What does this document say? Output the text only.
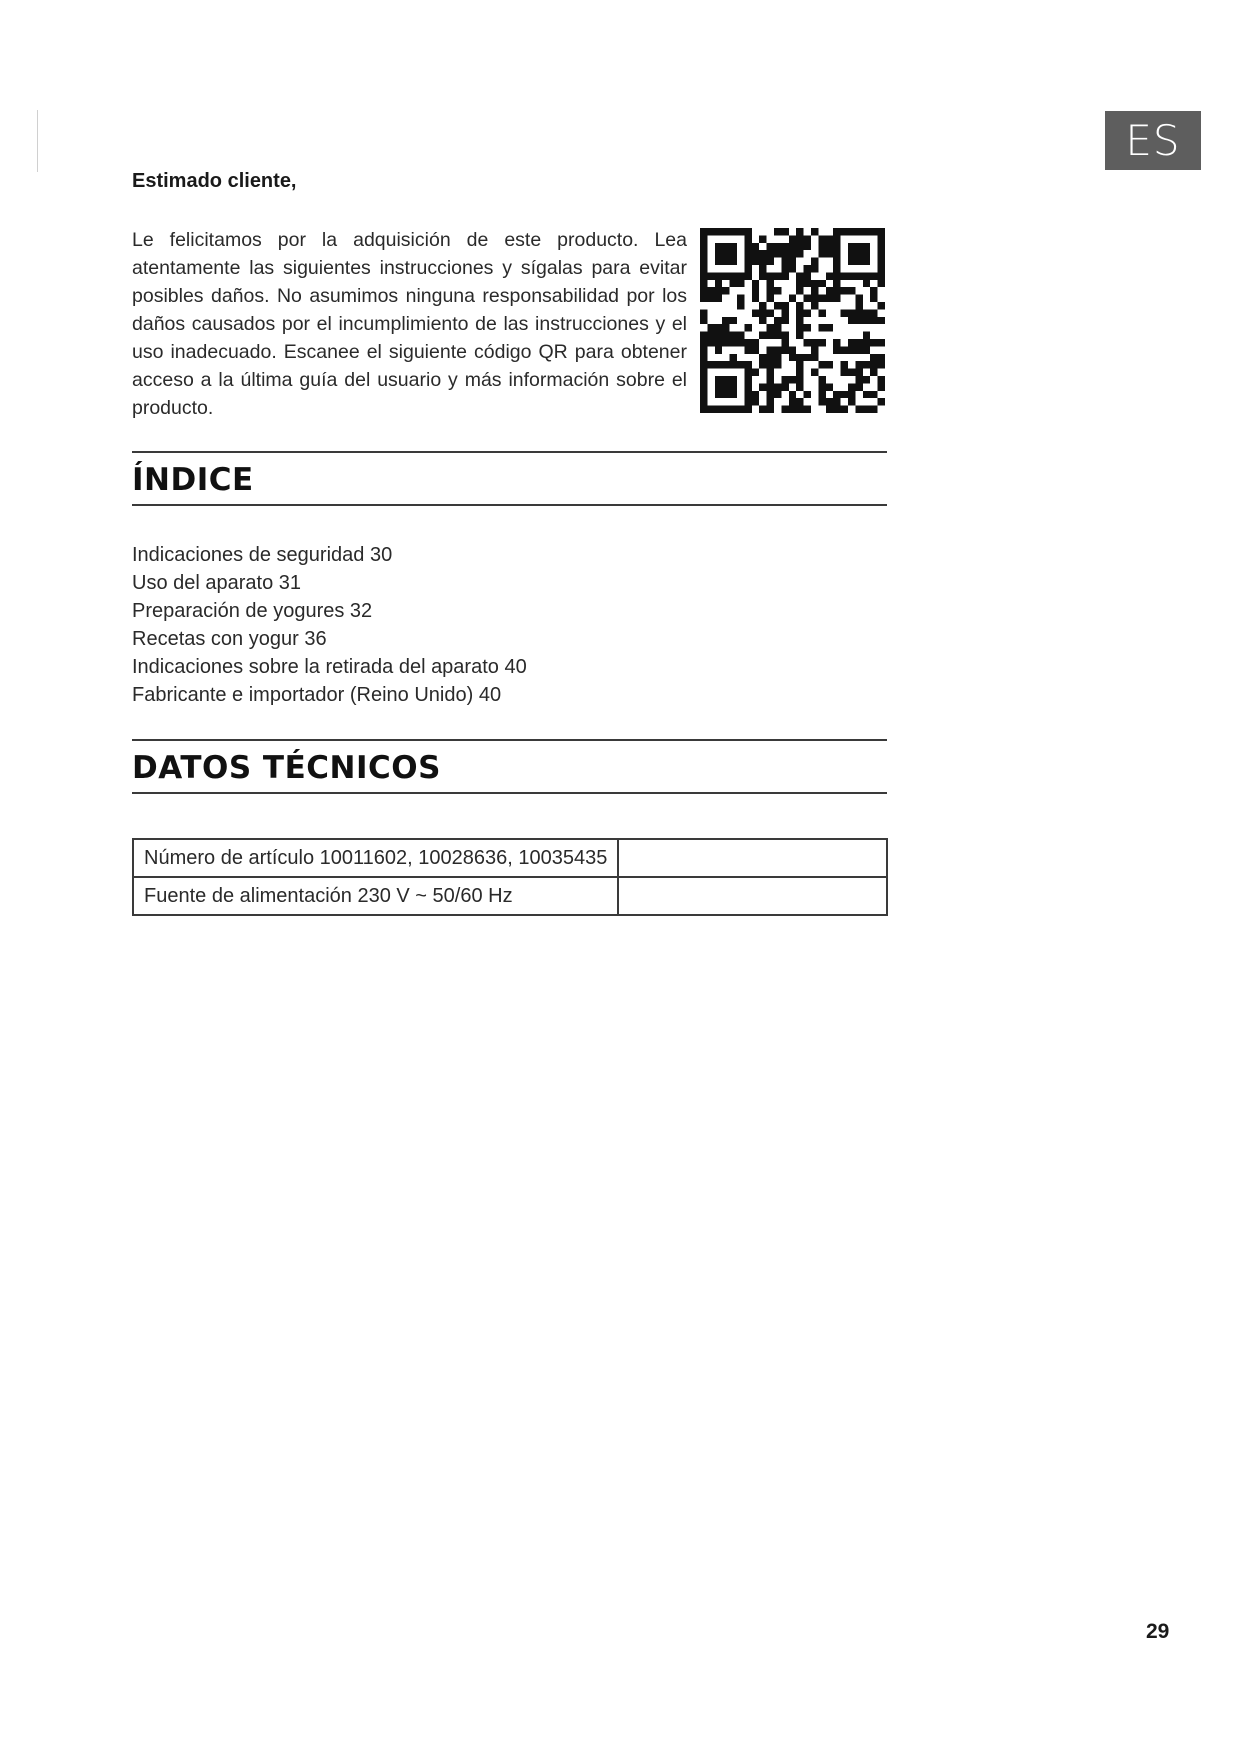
ES
Estimado cliente,
Le felicitamos por la adquisición de este producto. Lea
atentamente las siguientes instrucciones y sígalas para evitar
posibles daños. No asumimos ninguna responsabilidad por los
daños causados por el incumplimiento de las instrucciones y el
uso inadecuado. Escanee el siguiente código QR para obtener
acceso a la última guía del usuario y más información sobre el
producto.
ÍNDICE
Indicaciones de seguridad 30
Uso del aparato 31
Preparación de yogures 32
Recetas con yogur 36
Indicaciones sobre la retirada del aparato 40
Fabricante e importador (Reino Unido) 40
DATOS TÉCNICOS
Número de artículo 10011602, 10028636, 10035435	
Fuente de alimentación 230 V ~ 50/60 Hz	
29
